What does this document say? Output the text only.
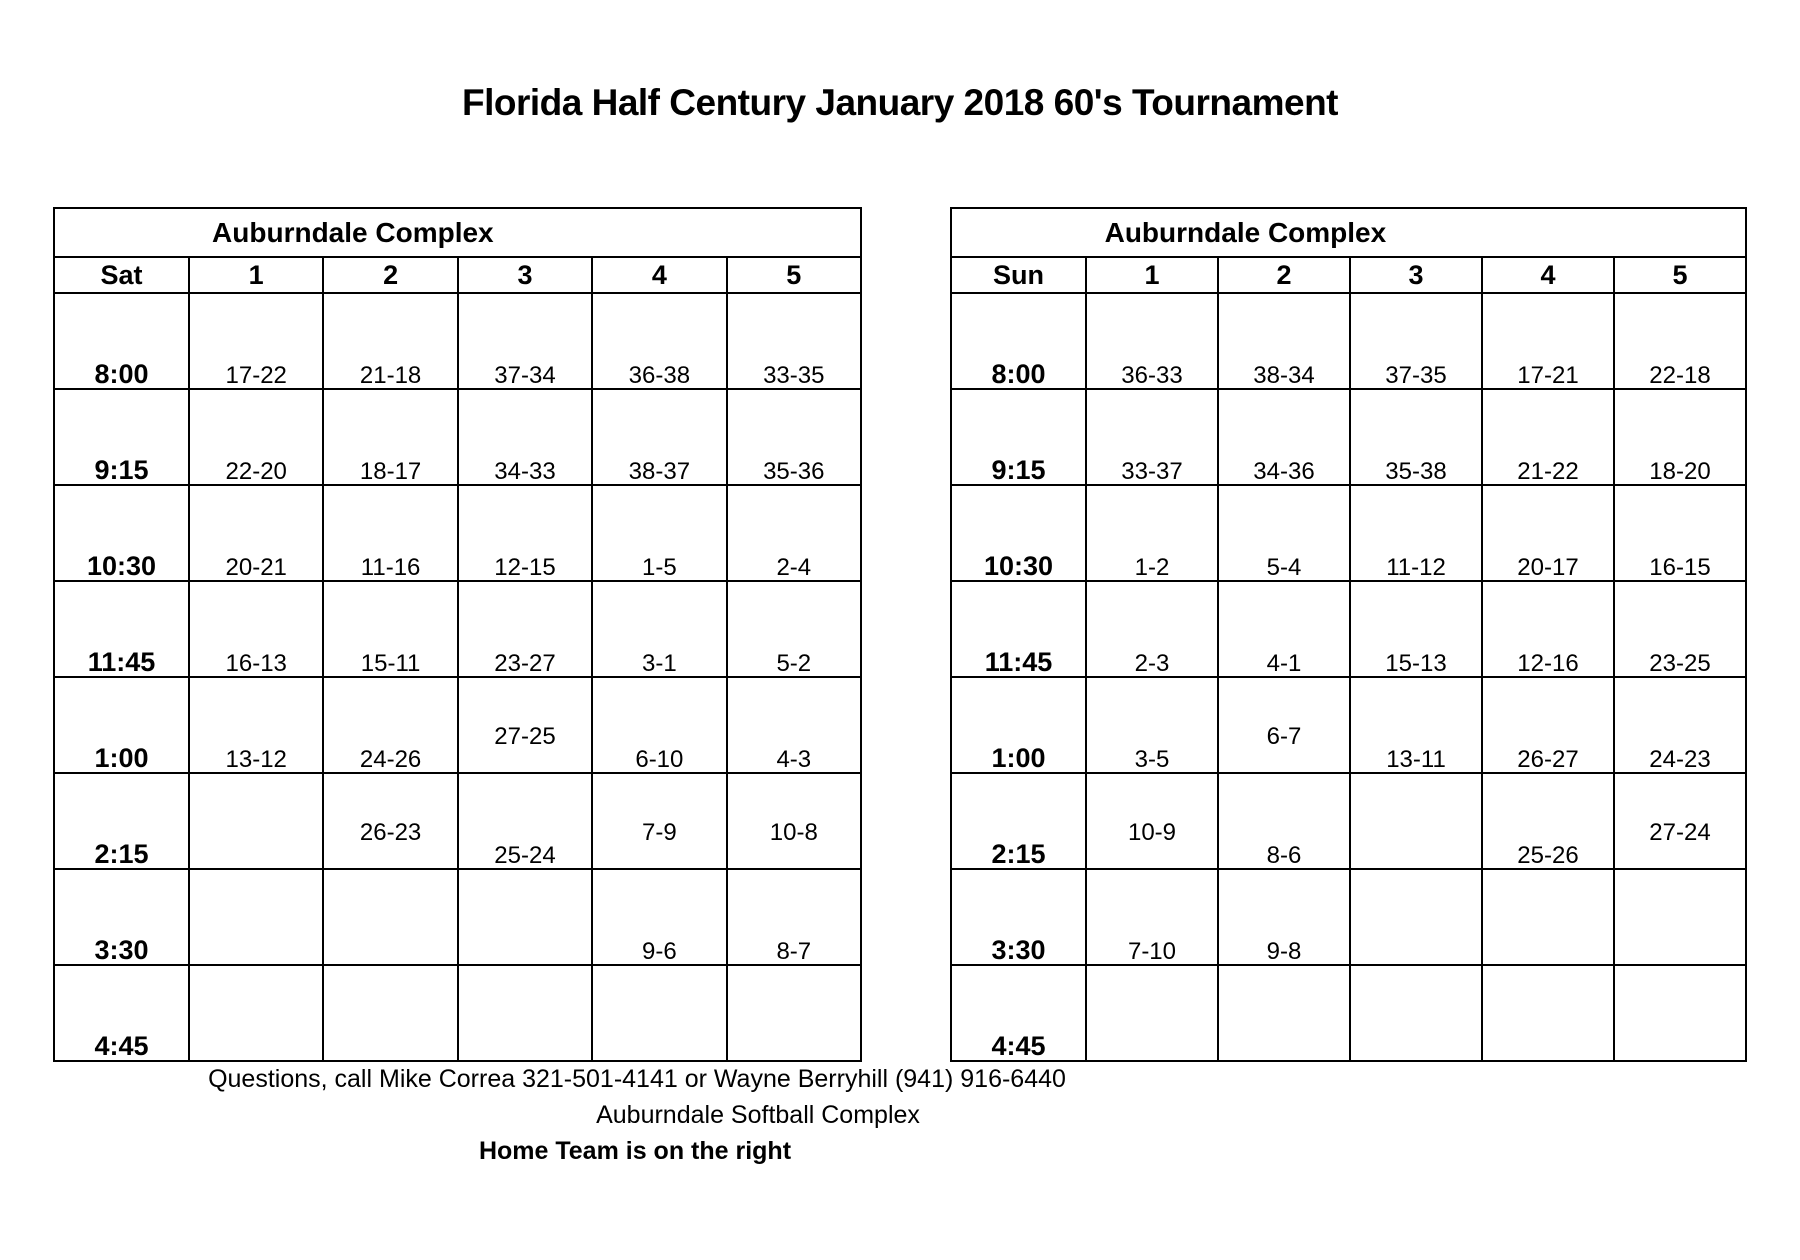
Florida Half Century January 2018 60's Tournament
Auburndale Complex					

Sat	1	2	3	4	5
8:00	17-22	21-18	37-34	36-38	33-35
9:15	22-20	18-17	34-33	38-37	35-36
10:30	20-21	11-16	12-15	1-5	2-4
11:45	16-13	15-11	23-27	3-1	5-2
1:00	13-12	24-26	27-25	6-10	4-3
2:15		26-23	25-24	7-9	10-8
3:30				9-6	8-7
4:45					
Auburndale Complex					

Sun	1	2	3	4	5
8:00	36-33	38-34	37-35	17-21	22-18
9:15	33-37	34-36	35-38	21-22	18-20
10:30	1-2	5-4	11-12	20-17	16-15
11:45	2-3	4-1	15-13	12-16	23-25
1:00	3-5	6-7	13-11	26-27	24-23
2:15	10-9	8-6		25-26	27-24
3:30	7-10	9-8			
4:45					
Questions, call Mike Correa 321-501-4141 or Wayne Berryhill (941) 916-6440
Auburndale Softball Complex
Home Team is on the right
